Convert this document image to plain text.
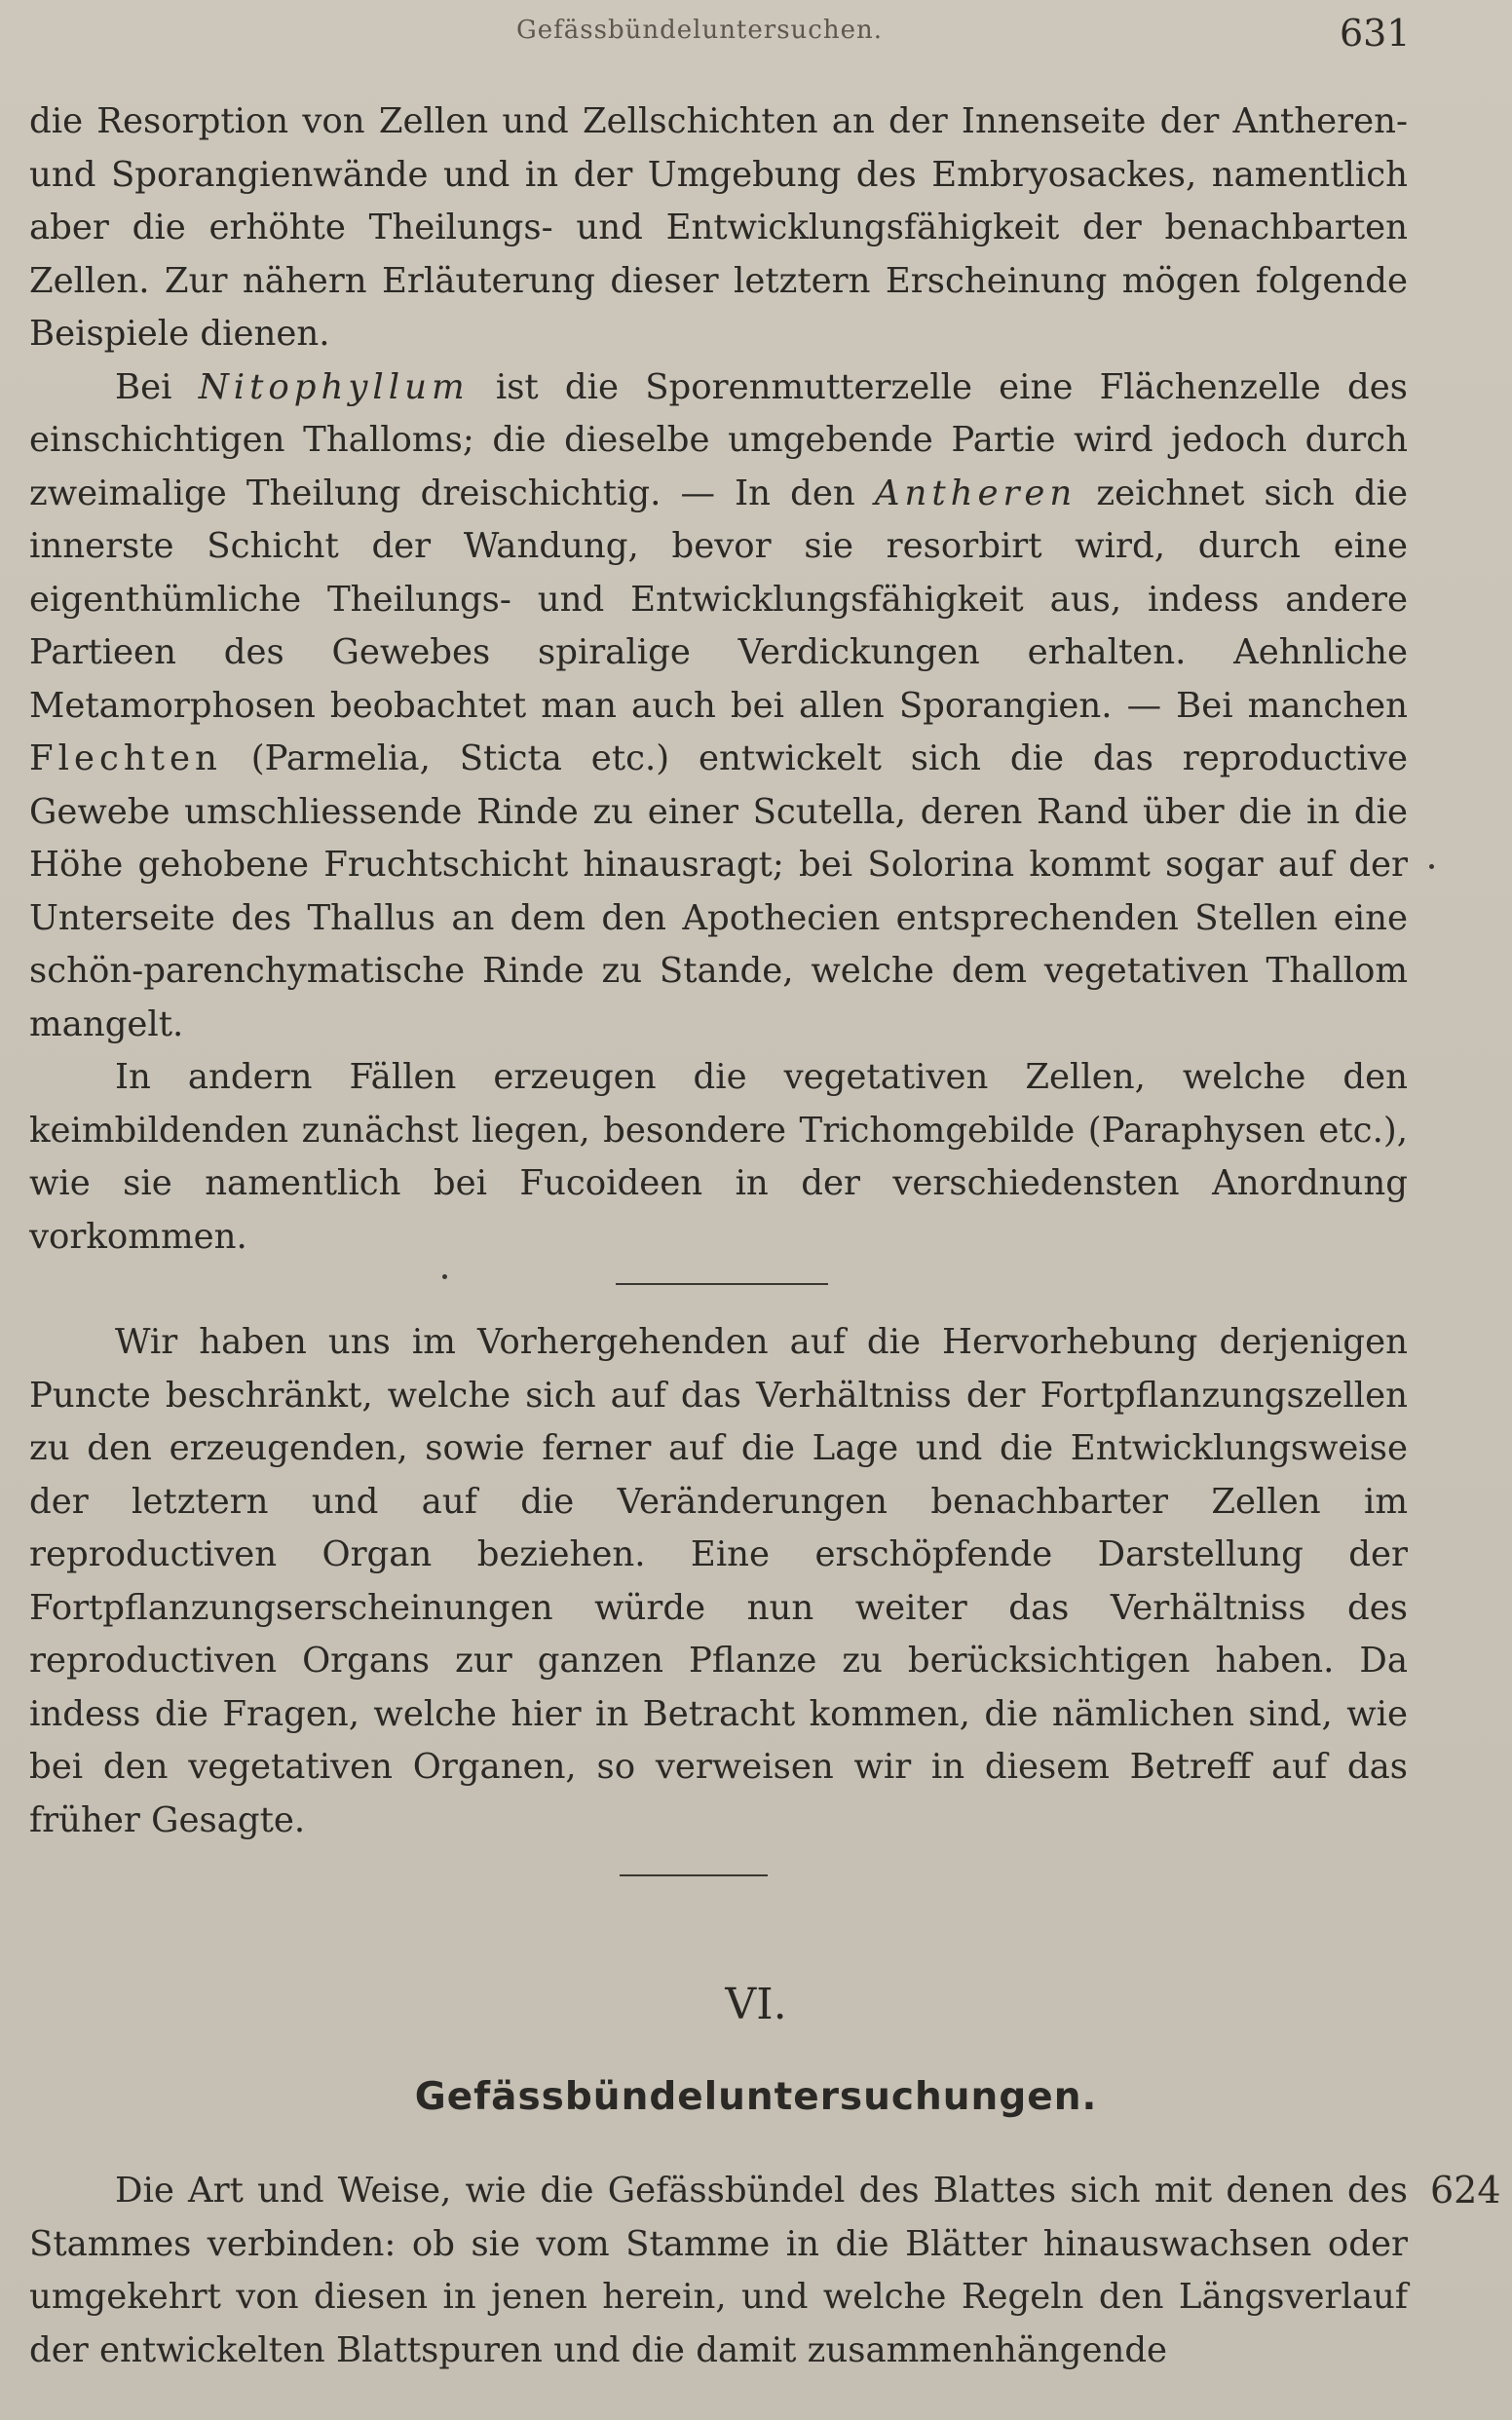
Gefässbündeluntersuchen.	631

die Resorption von Zellen und Zellschichten an der Innenseite der Antheren- und Sporangienwände und in der Umgebung des Embryosackes, namentlich aber die erhöhte Theilungs- und Entwicklungsfähigkeit der benachbarten Zellen. Zur nähern Erläuterung dieser letztern Erscheinung mögen folgende Beispiele dienen.

Bei Nitophyllum ist die Sporenmutterzelle eine Flächenzelle des einschichtigen Thalloms; die dieselbe umgebende Partie wird jedoch durch zweimalige Theilung dreischichtig. — In den Antheren zeichnet sich die innerste Schicht der Wandung, bevor sie resorbirt wird, durch eine eigenthümliche Theilungs- und Entwicklungsfähigkeit aus, indess andere Partieen des Gewebes spiralige Verdickungen erhalten. Aehnliche Metamorphosen beobachtet man auch bei allen Sporangien. — Bei manchen Flechten (Parmelia, Sticta etc.) entwickelt sich die das reproductive Gewebe umschliessende Rinde zu einer Scutella, deren Rand über die in die Höhe gehobene Fruchtschicht hinausragt; bei Solorina kommt sogar auf der Unterseite des Thallus an dem den Apothecien entsprechenden Stellen eine schön-parenchymatische Rinde zu Stande, welche dem vegetativen Thallom mangelt.

In andern Fällen erzeugen die vegetativen Zellen, welche den keimbildenden zunächst liegen, besondere Trichomgebilde (Paraphysen etc.), wie sie namentlich bei Fucoideen in der verschiedensten Anordnung vorkommen.

Wir haben uns im Vorhergehenden auf die Hervorhebung derjenigen Puncte beschränkt, welche sich auf das Verhältniss der Fortpflanzungszellen zu den erzeugenden, sowie ferner auf die Lage und die Entwicklungsweise der letztern und auf die Veränderungen benachbarter Zellen im reproductiven Organ beziehen. Eine erschöpfende Darstellung der Fortpflanzungserscheinungen würde nun weiter das Verhältniss des reproductiven Organs zur ganzen Pflanze zu berücksichtigen haben. Da indess die Fragen, welche hier in Betracht kommen, die nämlichen sind, wie bei den vegetativen Organen, so verweisen wir in diesem Betreff auf das früher Gesagte.

VI.
Gefässbündeluntersuchungen.

Die Art und Weise, wie die Gefässbündel des Blattes sich mit denen des Stammes verbinden: ob sie vom Stamme in die Blätter hinauswachsen oder umgekehrt von diesen in jenen herein, und welche Regeln den Längsverlauf der entwickelten Blattspuren und die damit zusammenhängende

624
